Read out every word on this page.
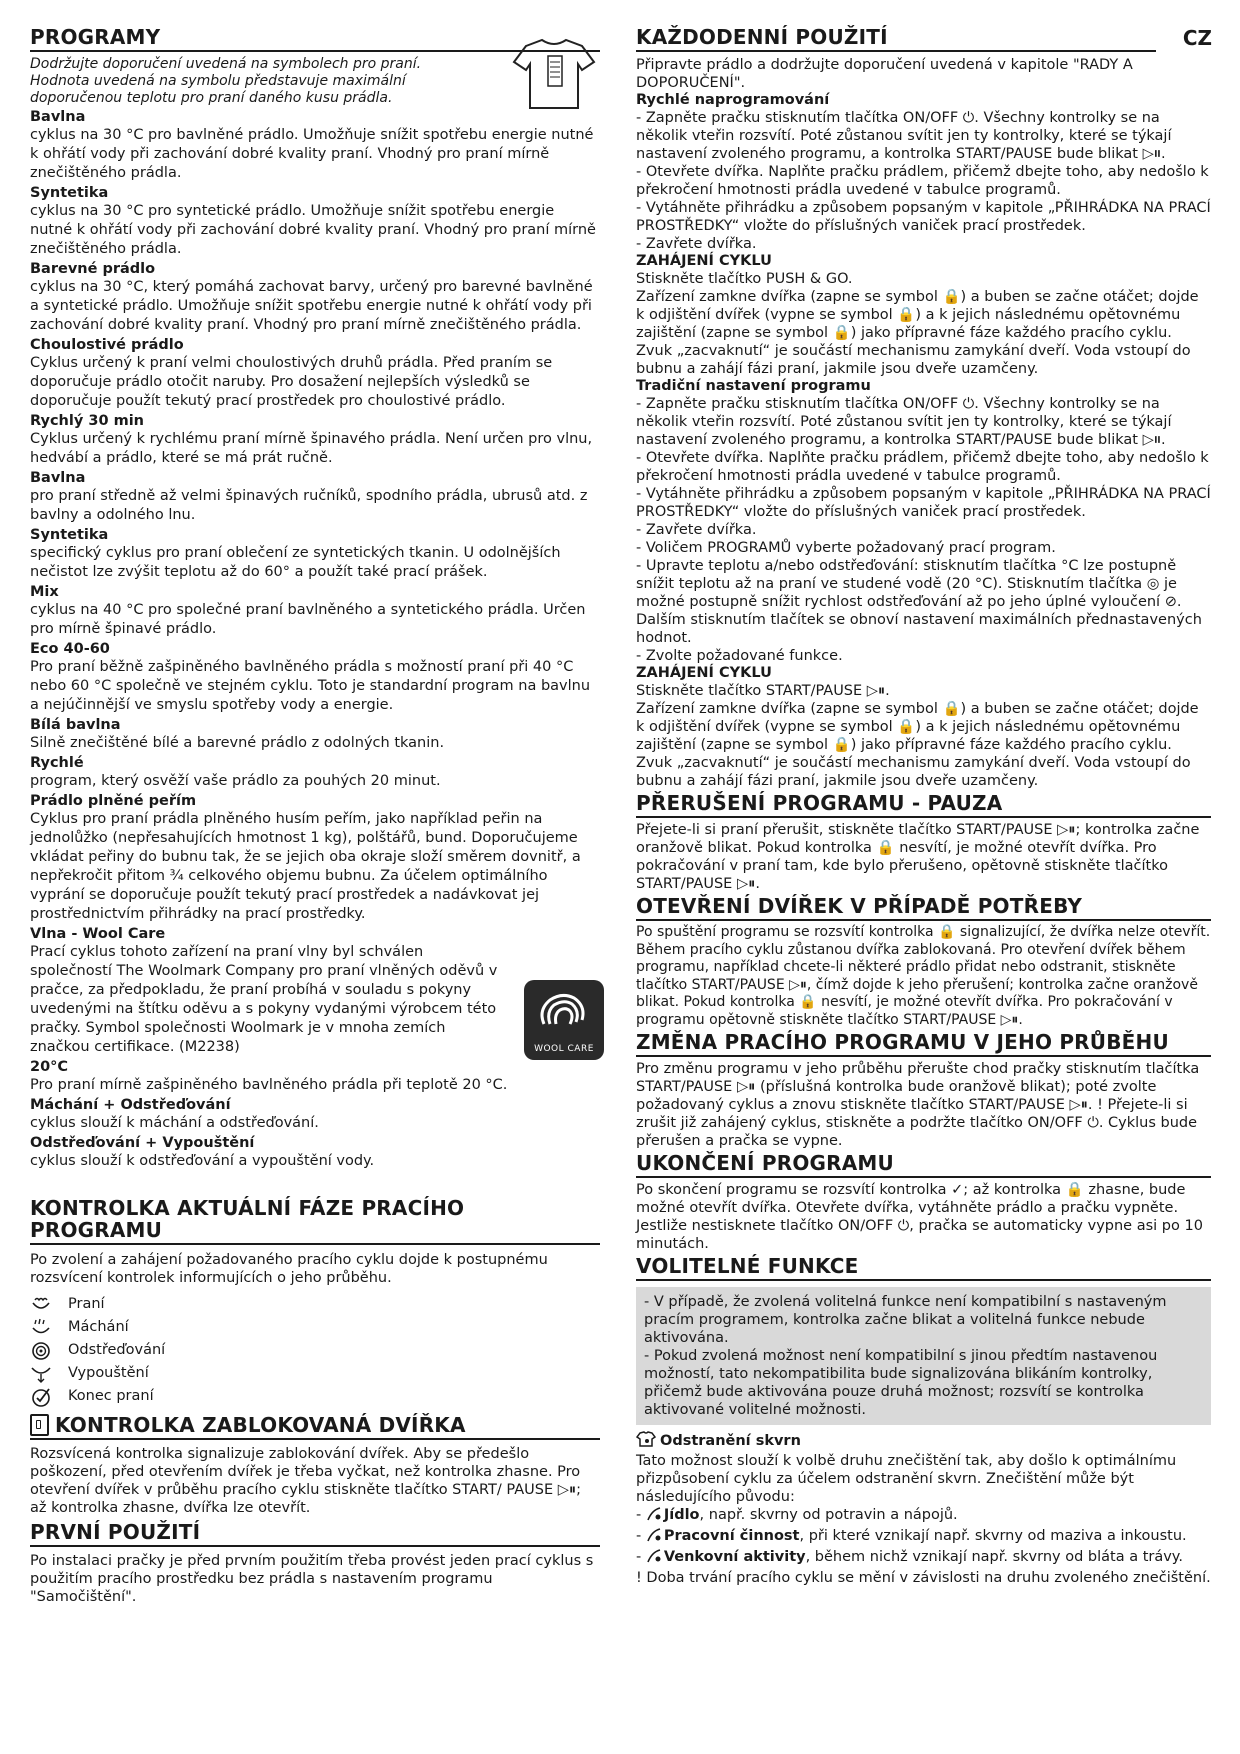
CZ
PROGRAMY

Dodržujte doporučení uvedená na symbolech pro praní. Hodnota uvedená na symbolu představuje maximální doporučenou teplotu pro praní daného kusu prádla.

Bavlna
cyklus na 30 °C pro bavlněné prádlo. Umožňuje snížit spotřebu energie nutné k ohřátí vody při zachování dobré kvality praní. Vhodný pro praní mírně znečištěného prádla.
Syntetika
cyklus na 30 °C pro syntetické prádlo. Umožňuje snížit spotřebu energie nutné k ohřátí vody při zachování dobré kvality praní. Vhodný pro praní mírně znečištěného prádla.
Barevné prádlo
cyklus na 30 °C, který pomáhá zachovat barvy, určený pro barevné bavlněné a syntetické prádlo. Umožňuje snížit spotřebu energie nutné k ohřátí vody při zachování dobré kvality praní. Vhodný pro praní mírně znečištěného prádla.
Choulostivé prádlo
Cyklus určený k praní velmi choulostivých druhů prádla. Před praním se doporučuje prádlo otočit naruby. Pro dosažení nejlepších výsledků se doporučuje použít tekutý prací prostředek pro choulostivé prádlo.
Rychlý 30 min
Cyklus určený k rychlému praní mírně špinavého prádla. Není určen pro vlnu, hedvábí a prádlo, které se má prát ručně.
Bavlna
pro praní středně až velmi špinavých ručníků, spodního prádla, ubrusů atd. z bavlny a odolného lnu.
Syntetika
specifický cyklus pro praní oblečení ze syntetických tkanin. U odolnějších nečistot lze zvýšit teplotu až do 60° a použít také prací prášek.
Mix
cyklus na 40 °C pro společné praní bavlněného a syntetického prádla. Určen pro mírně špinavé prádlo.
Eco 40-60
Pro praní běžně zašpiněného bavlněného prádla s možností praní při 40 °C nebo 60 °C společně ve stejném cyklu. Toto je standardní program na bavlnu a nejúčinnější ve smyslu spotřeby vody a energie.
Bílá bavlna
Silně znečištěné bílé a barevné prádlo z odolných tkanin.
Rychlé
program, který osvěží vaše prádlo za pouhých 20 minut.
Prádlo plněné peřím
Cyklus pro praní prádla plněného husím peřím, jako například peřin na jednolůžko (nepřesahujících hmotnost 1 kg), polštářů, bund. Doporučujeme vkládat peřiny do bubnu tak, že se jejich oba okraje složí směrem dovnitř, a nepřekročit přitom ¾ celkového objemu bubnu. Za účelem optimálního vyprání se doporučuje použít tekutý prací prostředek a nadávkovat jej prostřednictvím přihrádky na prací prostředky.
Vlna - Wool Care
Prací cyklus tohoto zařízení na praní vlny byl schválen společností The Woolmark Company pro praní vlněných oděvů v pračce, za předpokladu, že praní probíhá v souladu s pokyny uvedenými na štítku oděvu a s pokyny vydanými výrobcem této pračky. Symbol společnosti Woolmark je v mnoha zemích značkou certifikace. (M2238)
20°C
Pro praní mírně zašpiněného bavlněného prádla při teplotě 20 °C.
Máchání + Odstřeďování
cyklus slouží k máchání a odstřeďování.
Odstřeďování + Vypouštění
cyklus slouží k odstřeďování a vypouštění vody.
KONTROLKA AKTUÁLNÍ FÁZE PRACÍHO PROGRAMU

Po zvolení a zahájení požadovaného pracího cyklu dojde k postupnému rozsvícení kontrolek informujících o jeho průběhu.

Praní
Máchání
Odstřeďování
Vypouštění
Konec praní
KONTROLKA ZABLOKOVANÁ DVÍŘKA

Rozsvícená kontrolka signalizuje zablokování dvířek. Aby se předešlo poškození, před otevřením dvířek je třeba vyčkat, než kontrolka zhasne. Pro otevření dvířek v průběhu pracího cyklu stiskněte tlačítko START/ PAUSE ▷⏸; až kontrolka zhasne, dvířka lze otevřít.

PRVNÍ POUŽITÍ

Po instalaci pračky je před prvním použitím třeba provést jeden prací cyklus s použitím pracího prostředku bez prádla s nastavením programu "Samočištění".

WOOL CARE
KAŽDODENNÍ POUŽITÍ

Připravte prádlo a dodržujte doporučení uvedená v kapitole "RADY A DOPORUČENÍ".

Rychlé naprogramování
- Zapněte pračku stisknutím tlačítka ON/OFF ⏻. Všechny kontrolky se na několik vteřin rozsvítí. Poté zůstanou svítit jen ty kontrolky, které se týkají nastavení zvoleného programu, a kontrolka START/PAUSE bude blikat ▷⏸.
- Otevřete dvířka. Naplňte pračku prádlem, přičemž dbejte toho, aby nedošlo k překročení hmotnosti prádla uvedené v tabulce programů.
- Vytáhněte přihrádku a způsobem popsaným v kapitole „PŘIHRÁDKA NA PRACÍ PROSTŘEDKY“ vložte do příslušných vaniček prací prostředek.
- Zavřete dvířka.
ZAHÁJENÍ CYKLU
Stiskněte tlačítko PUSH & GO.
Zařízení zamkne dvířka (zapne se symbol 🔒) a buben se začne otáčet; dojde k odjištění dvířek (vypne se symbol 🔒) a k jejich následnému opětovnému zajištění (zapne se symbol 🔒) jako přípravné fáze každého pracího cyklu. Zvuk „zacvaknutí“ je součástí mechanismu zamykání dveří. Voda vstoupí do bubnu a zahájí fázi praní, jakmile jsou dveře uzamčeny.
Tradiční nastavení programu
- Zapněte pračku stisknutím tlačítka ON/OFF ⏻. Všechny kontrolky se na několik vteřin rozsvítí. Poté zůstanou svítit jen ty kontrolky, které se týkají nastavení zvoleného programu, a kontrolka START/PAUSE bude blikat ▷⏸.
- Otevřete dvířka. Naplňte pračku prádlem, přičemž dbejte toho, aby nedošlo k překročení hmotnosti prádla uvedené v tabulce programů.
- Vytáhněte přihrádku a způsobem popsaným v kapitole „PŘIHRÁDKA NA PRACÍ PROSTŘEDKY“ vložte do příslušných vaniček prací prostředek.
- Zavřete dvířka.
- Voličem PROGRAMŮ vyberte požadovaný prací program.
- Upravte teplotu a/nebo odstřeďování: stisknutím tlačítka °C lze postupně snížit teplotu až na praní ve studené vodě (20 °C). Stisknutím tlačítka ◎ je možné postupně snížit rychlost odstřeďování až po jeho úplné vyloučení ⊘. Dalším stisknutím tlačítek se obnoví nastavení maximálních přednastavených hodnot.
- Zvolte požadované funkce.
ZAHÁJENÍ CYKLU
Stiskněte tlačítko START/PAUSE ▷⏸.
Zařízení zamkne dvířka (zapne se symbol 🔒) a buben se začne otáčet; dojde k odjištění dvířek (vypne se symbol 🔒) a k jejich následnému opětovnému zajištění (zapne se symbol 🔒) jako přípravné fáze každého pracího cyklu. Zvuk „zacvaknutí“ je součástí mechanismu zamykání dveří. Voda vstoupí do bubnu a zahájí fázi praní, jakmile jsou dveře uzamčeny.
PŘERUŠENÍ PROGRAMU - PAUZA

Přejete-li si praní přerušit, stiskněte tlačítko START/PAUSE ▷⏸; kontrolka začne oranžově blikat. Pokud kontrolka 🔒 nesvítí, je možné otevřít dvířka. Pro pokračování v praní tam, kde bylo přerušeno, opětovně stiskněte tlačítko START/PAUSE ▷⏸.

OTEVŘENÍ DVÍŘEK V PŘÍPADĚ POTŘEBY

Po spuštění programu se rozsvítí kontrolka 🔒 signalizující, že dvířka nelze otevřít. Během pracího cyklu zůstanou dvířka zablokovaná. Pro otevření dvířek během programu, například chcete-li některé prádlo přidat nebo odstranit, stiskněte tlačítko START/PAUSE ▷⏸, čímž dojde k jeho přerušení; kontrolka začne oranžově blikat. Pokud kontrolka 🔒 nesvítí, je možné otevřít dvířka. Pro pokračování v programu opětovně stiskněte tlačítko START/PAUSE ▷⏸.

ZMĚNA PRACÍHO PROGRAMU V JEHO PRŮBĚHU

Pro změnu programu v jeho průběhu přerušte chod pračky stisknutím tlačítka START/PAUSE ▷⏸ (příslušná kontrolka bude oranžově blikat); poté zvolte požadovaný cyklus a znovu stiskněte tlačítko START/PAUSE ▷⏸. ! Přejete-li si zrušit již zahájený cyklus, stiskněte a podržte tlačítko ON/OFF ⏻. Cyklus bude přerušen a pračka se vypne.

UKONČENÍ PROGRAMU

Po skončení programu se rozsvítí kontrolka ✓; až kontrolka 🔒 zhasne, bude možné otevřít dvířka. Otevřete dvířka, vytáhněte prádlo a pračku vypněte. Jestliže nestisknete tlačítko ON/OFF ⏻, pračka se automaticky vypne asi po 10 minutách.

VOLITELNÉ FUNKCE
- V případě, že zvolená volitelná funkce není kompatibilní s nastaveným pracím programem, kontrolka začne blikat a volitelná funkce nebude aktivována.
- Pokud zvolená možnost není kompatibilní s jinou předtím nastavenou možností, tato nekompatibilita bude signalizována blikáním kontrolky, přičemž bude aktivována pouze druhá možnost; rozsvítí se kontrolka aktivované volitelné možnosti.
Odstranění skvrn

Tato možnost slouží k volbě druhu znečištění tak, aby došlo k optimálnímu přizpůsobení cyklu za účelem odstranění skvrn. Znečištění může být následujícího původu:

- Jídlo, např. skvrny od potravin a nápojů.
- Pracovní činnost, při které vznikají např. skvrny od maziva a inkoustu.
- Venkovní aktivity, během nichž vznikají např. skvrny od bláta a trávy.

! Doba trvání pracího cyklu se mění v závislosti na druhu zvoleného znečištění.
